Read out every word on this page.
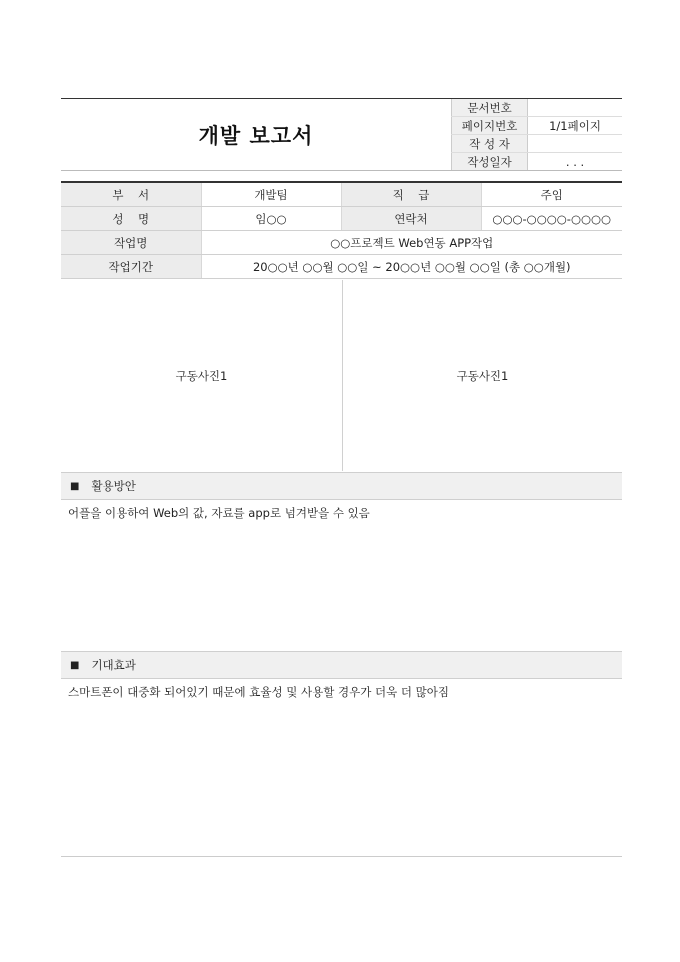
개발 보고서
문서번호	
페이지번호	1/1페이지
작 성 자	
작성일자	. . .
부    서	개발팀	직    급	주임
성    명	임○○	연락처	○○○-○○○○-○○○○
작업명	○○프로젝트 Web연동 APP작업		
작업기간	20○○년 ○○월 ○○일 ~ 20○○년 ○○월 ○○일 (총 ○○개월)		
구동사진1	구동사진1
■ 활용방안
어플을 이용하여 Web의 값, 자료를 app로 넘겨받을 수 있음
■ 기대효과
스마트폰이 대중화 되어있기 때문에 효율성 및 사용할 경우가 더욱 더 많아짐
